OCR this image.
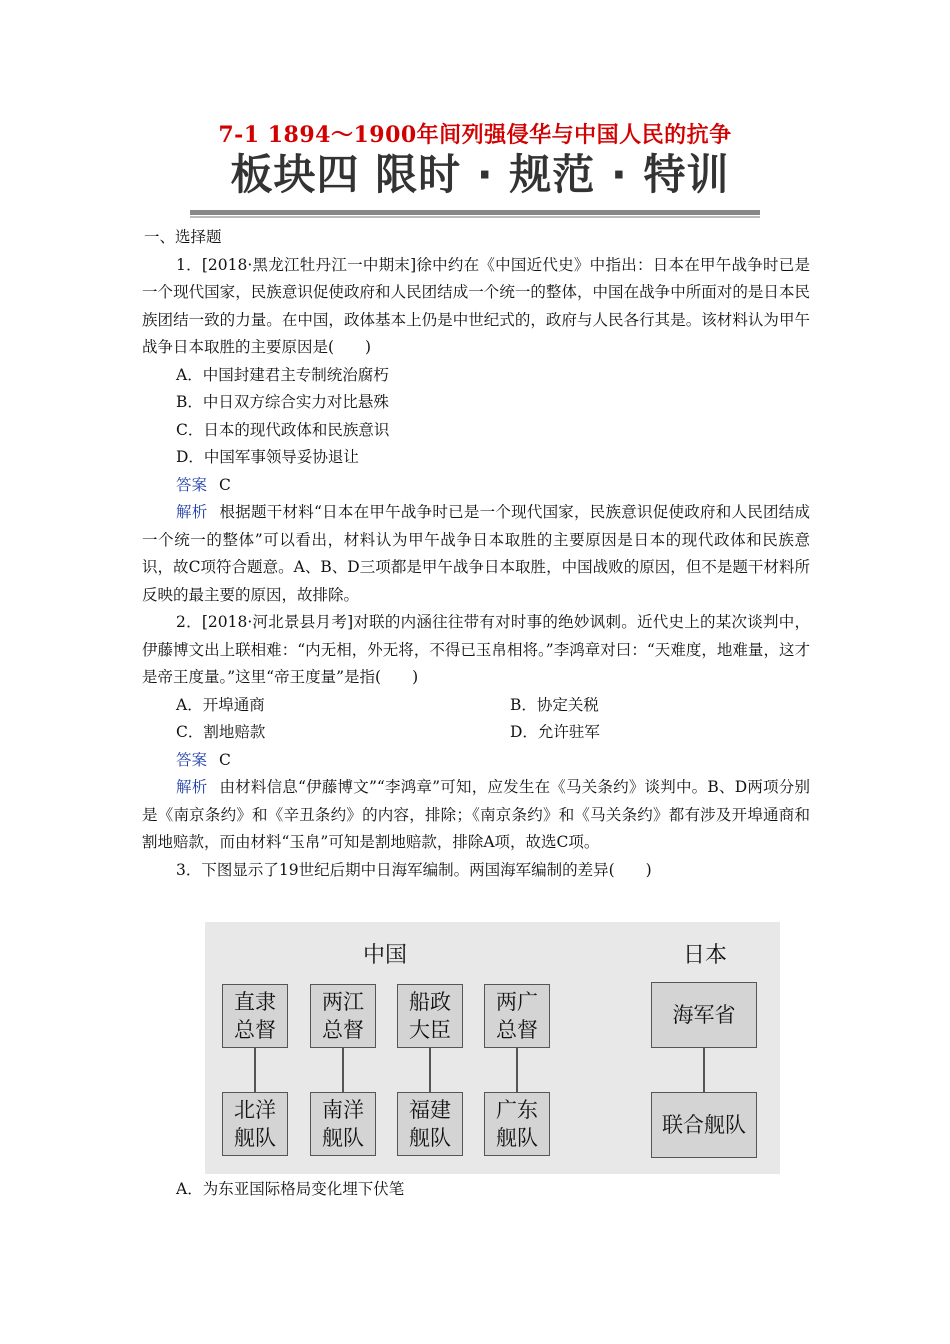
7-1 1894～1900年间列强侵华与中国人民的抗争
板块四 限时 · 规范 · 特训

一、选择题

1．[2018·黑龙江牡丹江一中期末]徐中约在《中国近代史》中指出：日本在甲午战争时已是一个现代国家，民族意识促使政府和人民团结成一个统一的整体，中国在战争中所面对的是日本民族团结一致的力量。在中国，政体基本上仍是中世纪式的，政府与人民各行其是。该材料认为甲午战争日本取胜的主要原因是(　　)

A．中国封建君主专制统治腐朽

B．中日双方综合实力对比悬殊

C．日本的现代政体和民族意识

D．中国军事领导妥协退让

答案 C

解析 根据题干材料“日本在甲午战争时已是一个现代国家，民族意识促使政府和人民团结成一个统一的整体”可以看出，材料认为甲午战争日本取胜的主要原因是日本的现代政体和民族意识，故C项符合题意。A、B、D三项都是甲午战争日本取胜，中国战败的原因，但不是题干材料所反映的最主要的原因，故排除。

2．[2018·河北景县月考]对联的内涵往往带有对时事的绝妙讽刺。近代史上的某次谈判中，伊藤博文出上联相难：“内无相，外无将，不得已玉帛相将。”李鸿章对曰：“天难度，地难量，这才是帝王度量。”这里“帝王度量”是指(　　)

A．开埠通商	B．协定关税
C．割地赔款	D．允许驻军

答案 C

解析 由材料信息“伊藤博文”“李鸿章”可知，应发生在《马关条约》谈判中。B、D两项分别是《南京条约》和《辛丑条约》的内容，排除；《南京条约》和《马关条约》都有涉及开埠通商和割地赔款，而由材料“玉帛”可知是割地赔款，排除A项，故选C项。

3．下图显示了19世纪后期中日海军编制。两国海军编制的差异(　　)

中国	日本
直隶
总督
两江
总督
船政
大臣
两广
总督
北洋
舰队
南洋
舰队
福建
舰队
广东
舰队
海军省
联合舰队

A．为东亚国际格局变化埋下伏笔
